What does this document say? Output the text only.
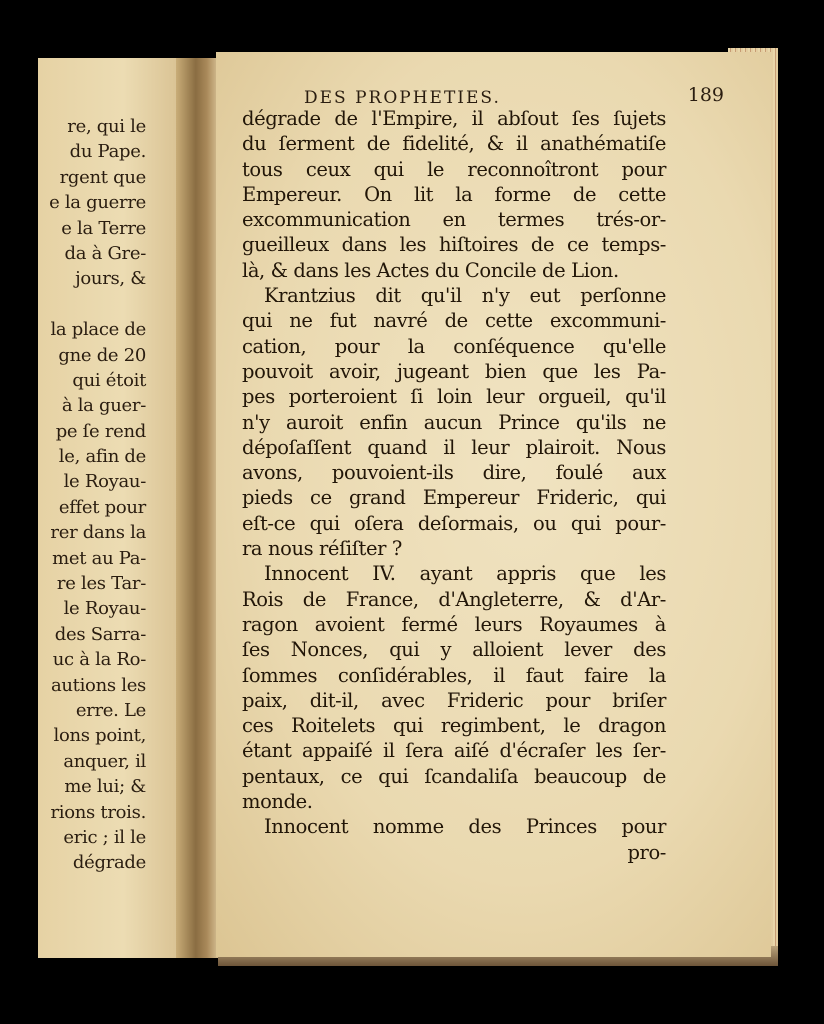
re, qui le
du Pape.
rgent que
e la guerre
e la Terre
da à Gre-
jours, &

la place de
gne de 20
qui étoit
à la guer-
pe ſe rend
le, afin de
le Royau-
effet pour
rer dans la
met au Pa-
re les Tar-
le Royau-
des Sarra-
uc à la Ro-
autions les
erre. Le
lons point,
anquer, il
me lui; &
rions trois.
eric ; il le
dégrade
DES PROPHETIES.	189
dégrade de l'Empire, il abſout ſes ſujets
du ſerment de fidelité, & il anathématiſe
tous ceux qui le reconnoîtront pour
Empereur. On lit la forme de cette
excommunication en termes trés-or-
gueilleux dans les hiſtoires de ce temps-
là, & dans les Actes du Concile de Lion.
Krantzius dit qu'il n'y eut perſonne
qui ne fut navré de cette excommuni-
cation, pour la conſéquence qu'elle
pouvoit avoir, jugeant bien que les Pa-
pes porteroient ſi loin leur orgueil, qu'il
n'y auroit enfin aucun Prince qu'ils ne
dépoſaſſent quand il leur plairoit. Nous
avons, pouvoient-ils dire, foulé aux
pieds ce grand Empereur Frideric, qui
eſt-ce qui oſera deſormais, ou qui pour-
ra nous réſiſter ?
Innocent IV. ayant appris que les
Rois de France, d'Angleterre, & d'Ar-
ragon avoient fermé leurs Royaumes à
ſes Nonces, qui y alloient lever des
ſommes conſidérables, il faut faire la
paix, dit-il, avec Frideric pour briſer
ces Roitelets qui regimbent, le dragon
étant appaiſé il ſera aiſé d'écraſer les ſer-
pentaux, ce qui ſcandaliſa beaucoup de
monde.
Innocent nomme des Princes pour
pro-
